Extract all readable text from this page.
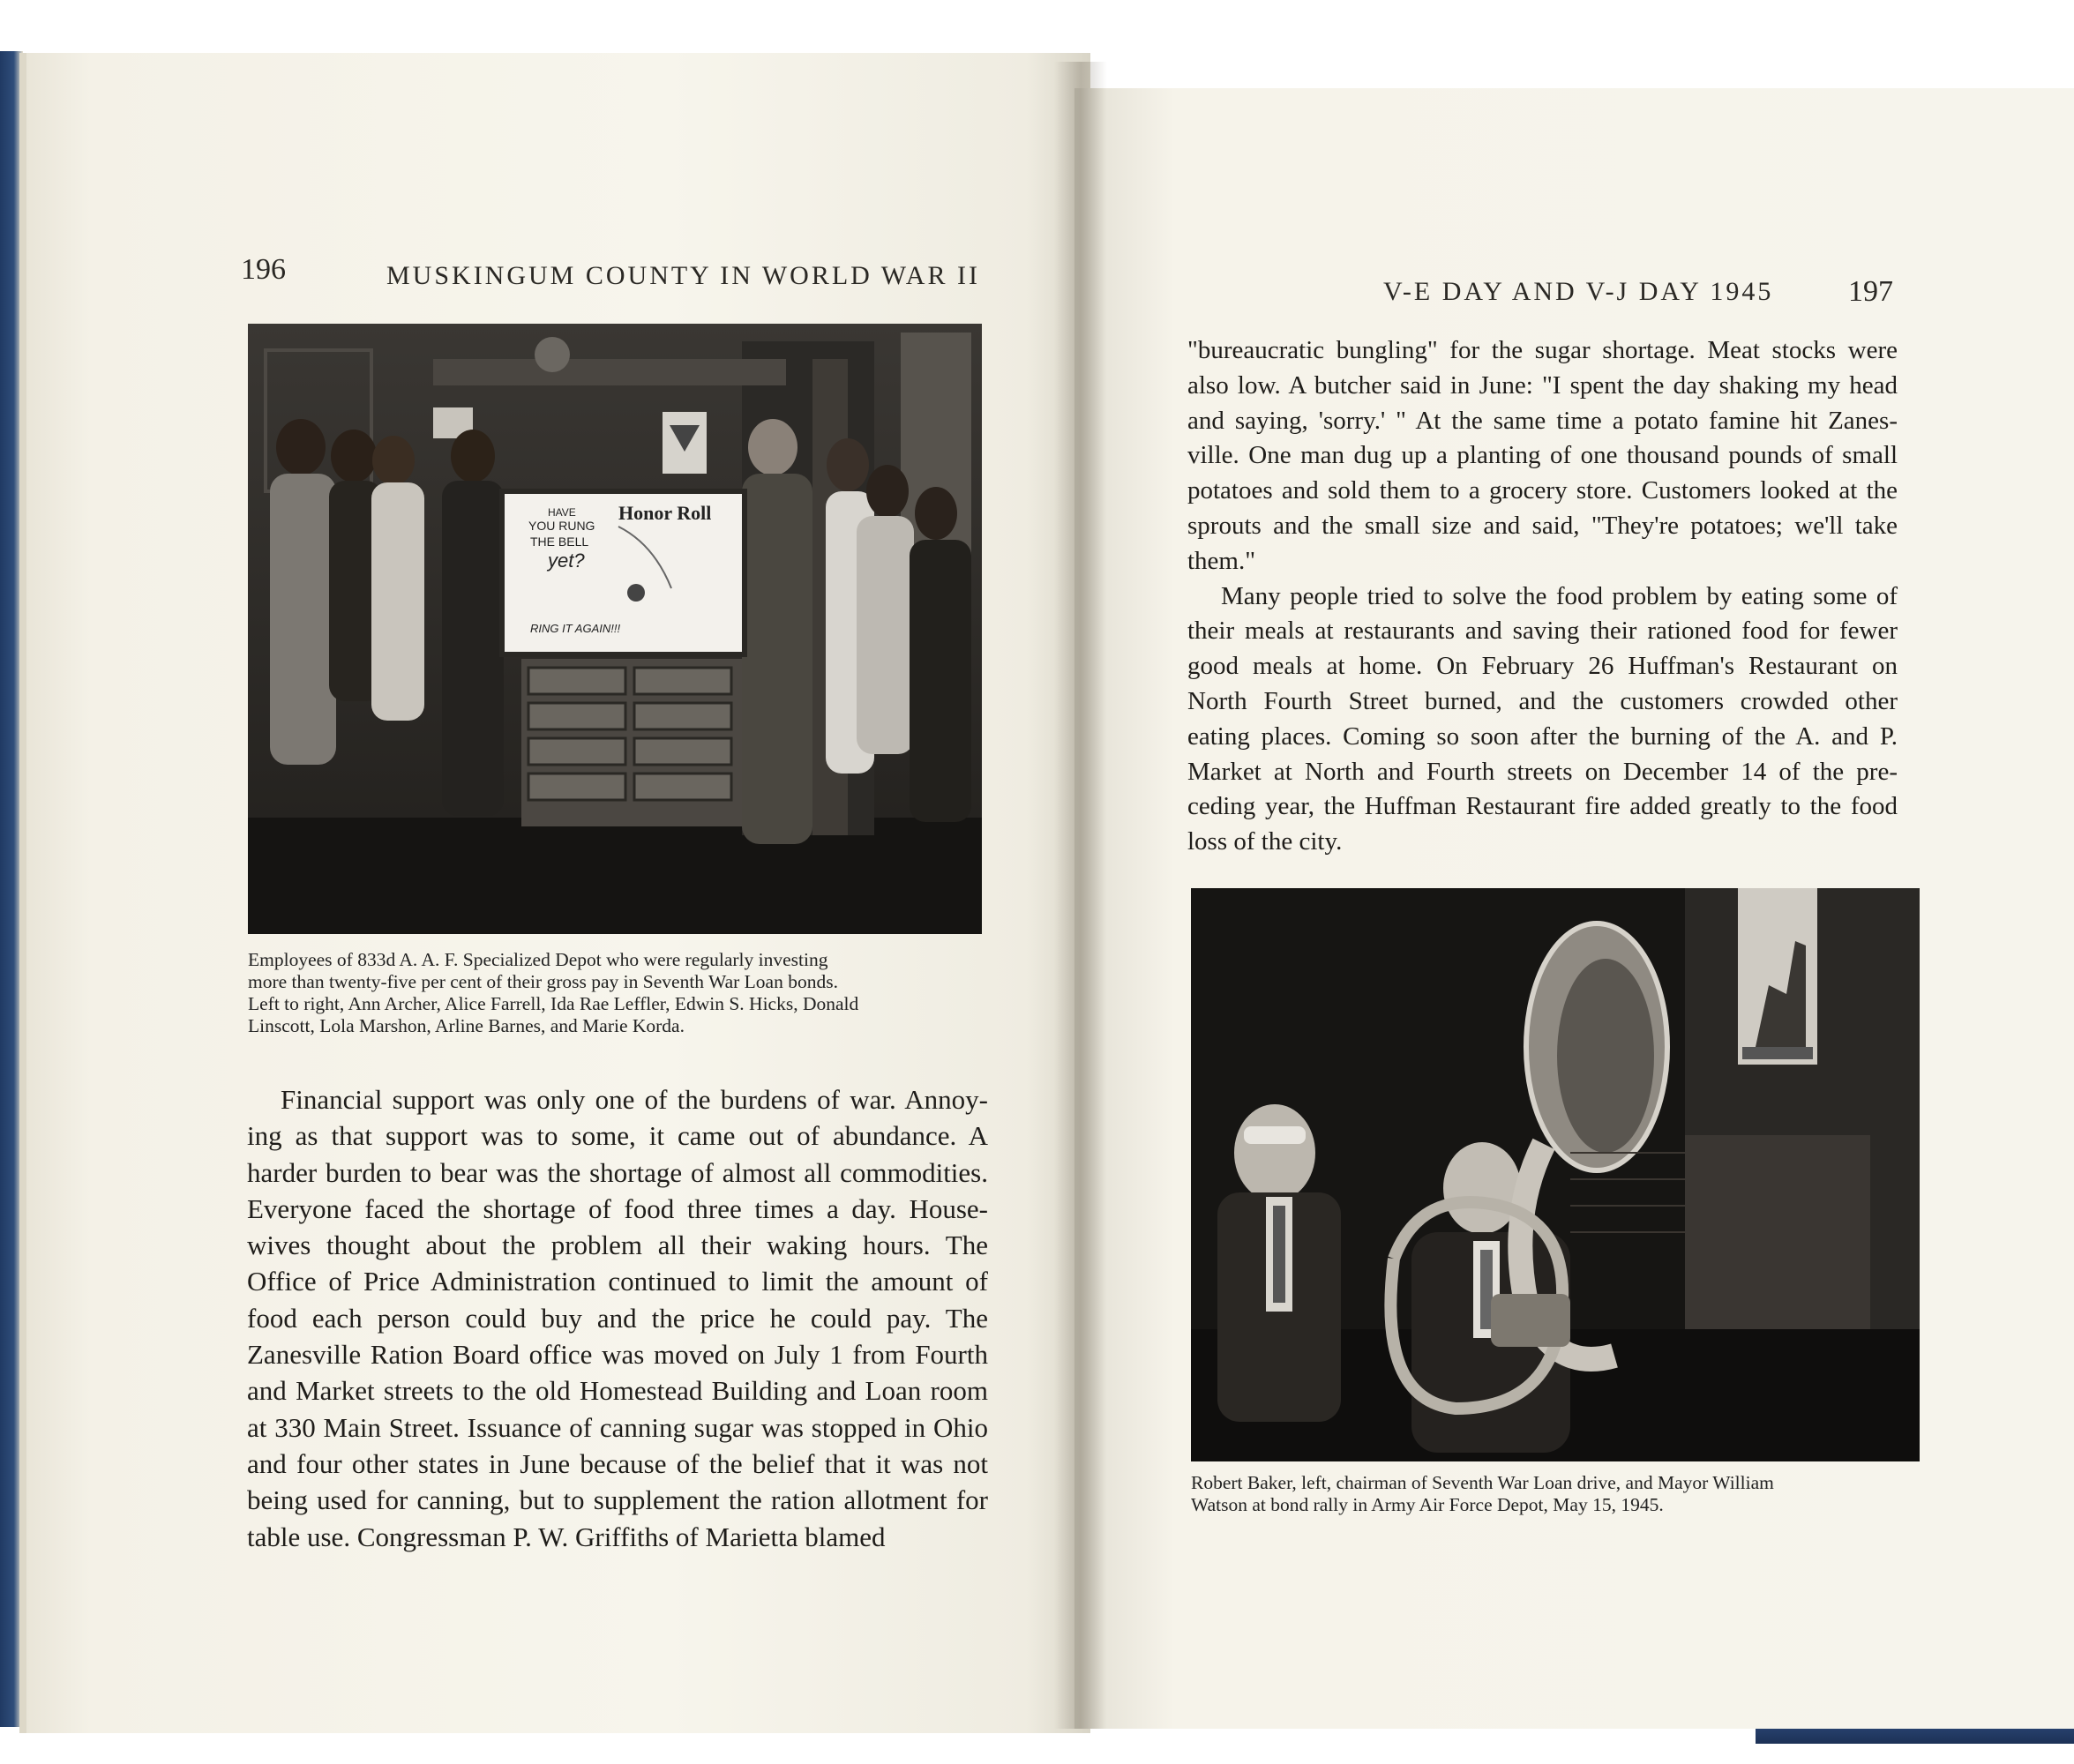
196	MUSKINGUM COUNTY IN WORLD WAR II
HAVE
YOU RUNG
THE BELL
yet?
Honor Roll
RING IT AGAIN!!!
Employees of 833d A. A. F. Specialized Depot who were regularly investing
more than twenty-five per cent of their gross pay in Seventh War Loan bonds.
Left to right, Ann Archer, Alice Farrell, Ida Rae Leffler, Edwin S. Hicks, Donald
Linscott, Lola Marshon, Arline Barnes, and Marie Korda.
Financial support was only one of the burdens of war. Annoy-
ing as that support was to some, it came out of abundance. A
harder burden to bear was the shortage of almost all commodities.
Everyone faced the shortage of food three times a day. House-
wives thought about the problem all their waking hours. The
Office of Price Administration continued to limit the amount of
food each person could buy and the price he could pay. The
Zanesville Ration Board office was moved on July 1 from Fourth
and Market streets to the old Homestead Building and Loan room
at 330 Main Street. Issuance of canning sugar was stopped in Ohio
and four other states in June because of the belief that it was not
being used for canning, but to supplement the ration allotment for
table use. Congressman P. W. Griffiths of Marietta blamed
V-E DAY AND V-J DAY 1945 197
"bureaucratic bungling" for the sugar shortage. Meat stocks were
also low. A butcher said in June: "I spent the day shaking my head
and saying, 'sorry.' " At the same time a potato famine hit Zanes-
ville. One man dug up a planting of one thousand pounds of small
potatoes and sold them to a grocery store. Customers looked at the
sprouts and the small size and said, "They're potatoes; we'll take
them."
Many people tried to solve the food problem by eating some of
their meals at restaurants and saving their rationed food for fewer
good meals at home. On February 26 Huffman's Restaurant on
North Fourth Street burned, and the customers crowded other
eating places. Coming so soon after the burning of the A. and P.
Market at North and Fourth streets on December 14 of the pre-
ceding year, the Huffman Restaurant fire added greatly to the food
loss of the city.
Robert Baker, left, chairman of Seventh War Loan drive, and Mayor William
Watson at bond rally in Army Air Force Depot, May 15, 1945.
